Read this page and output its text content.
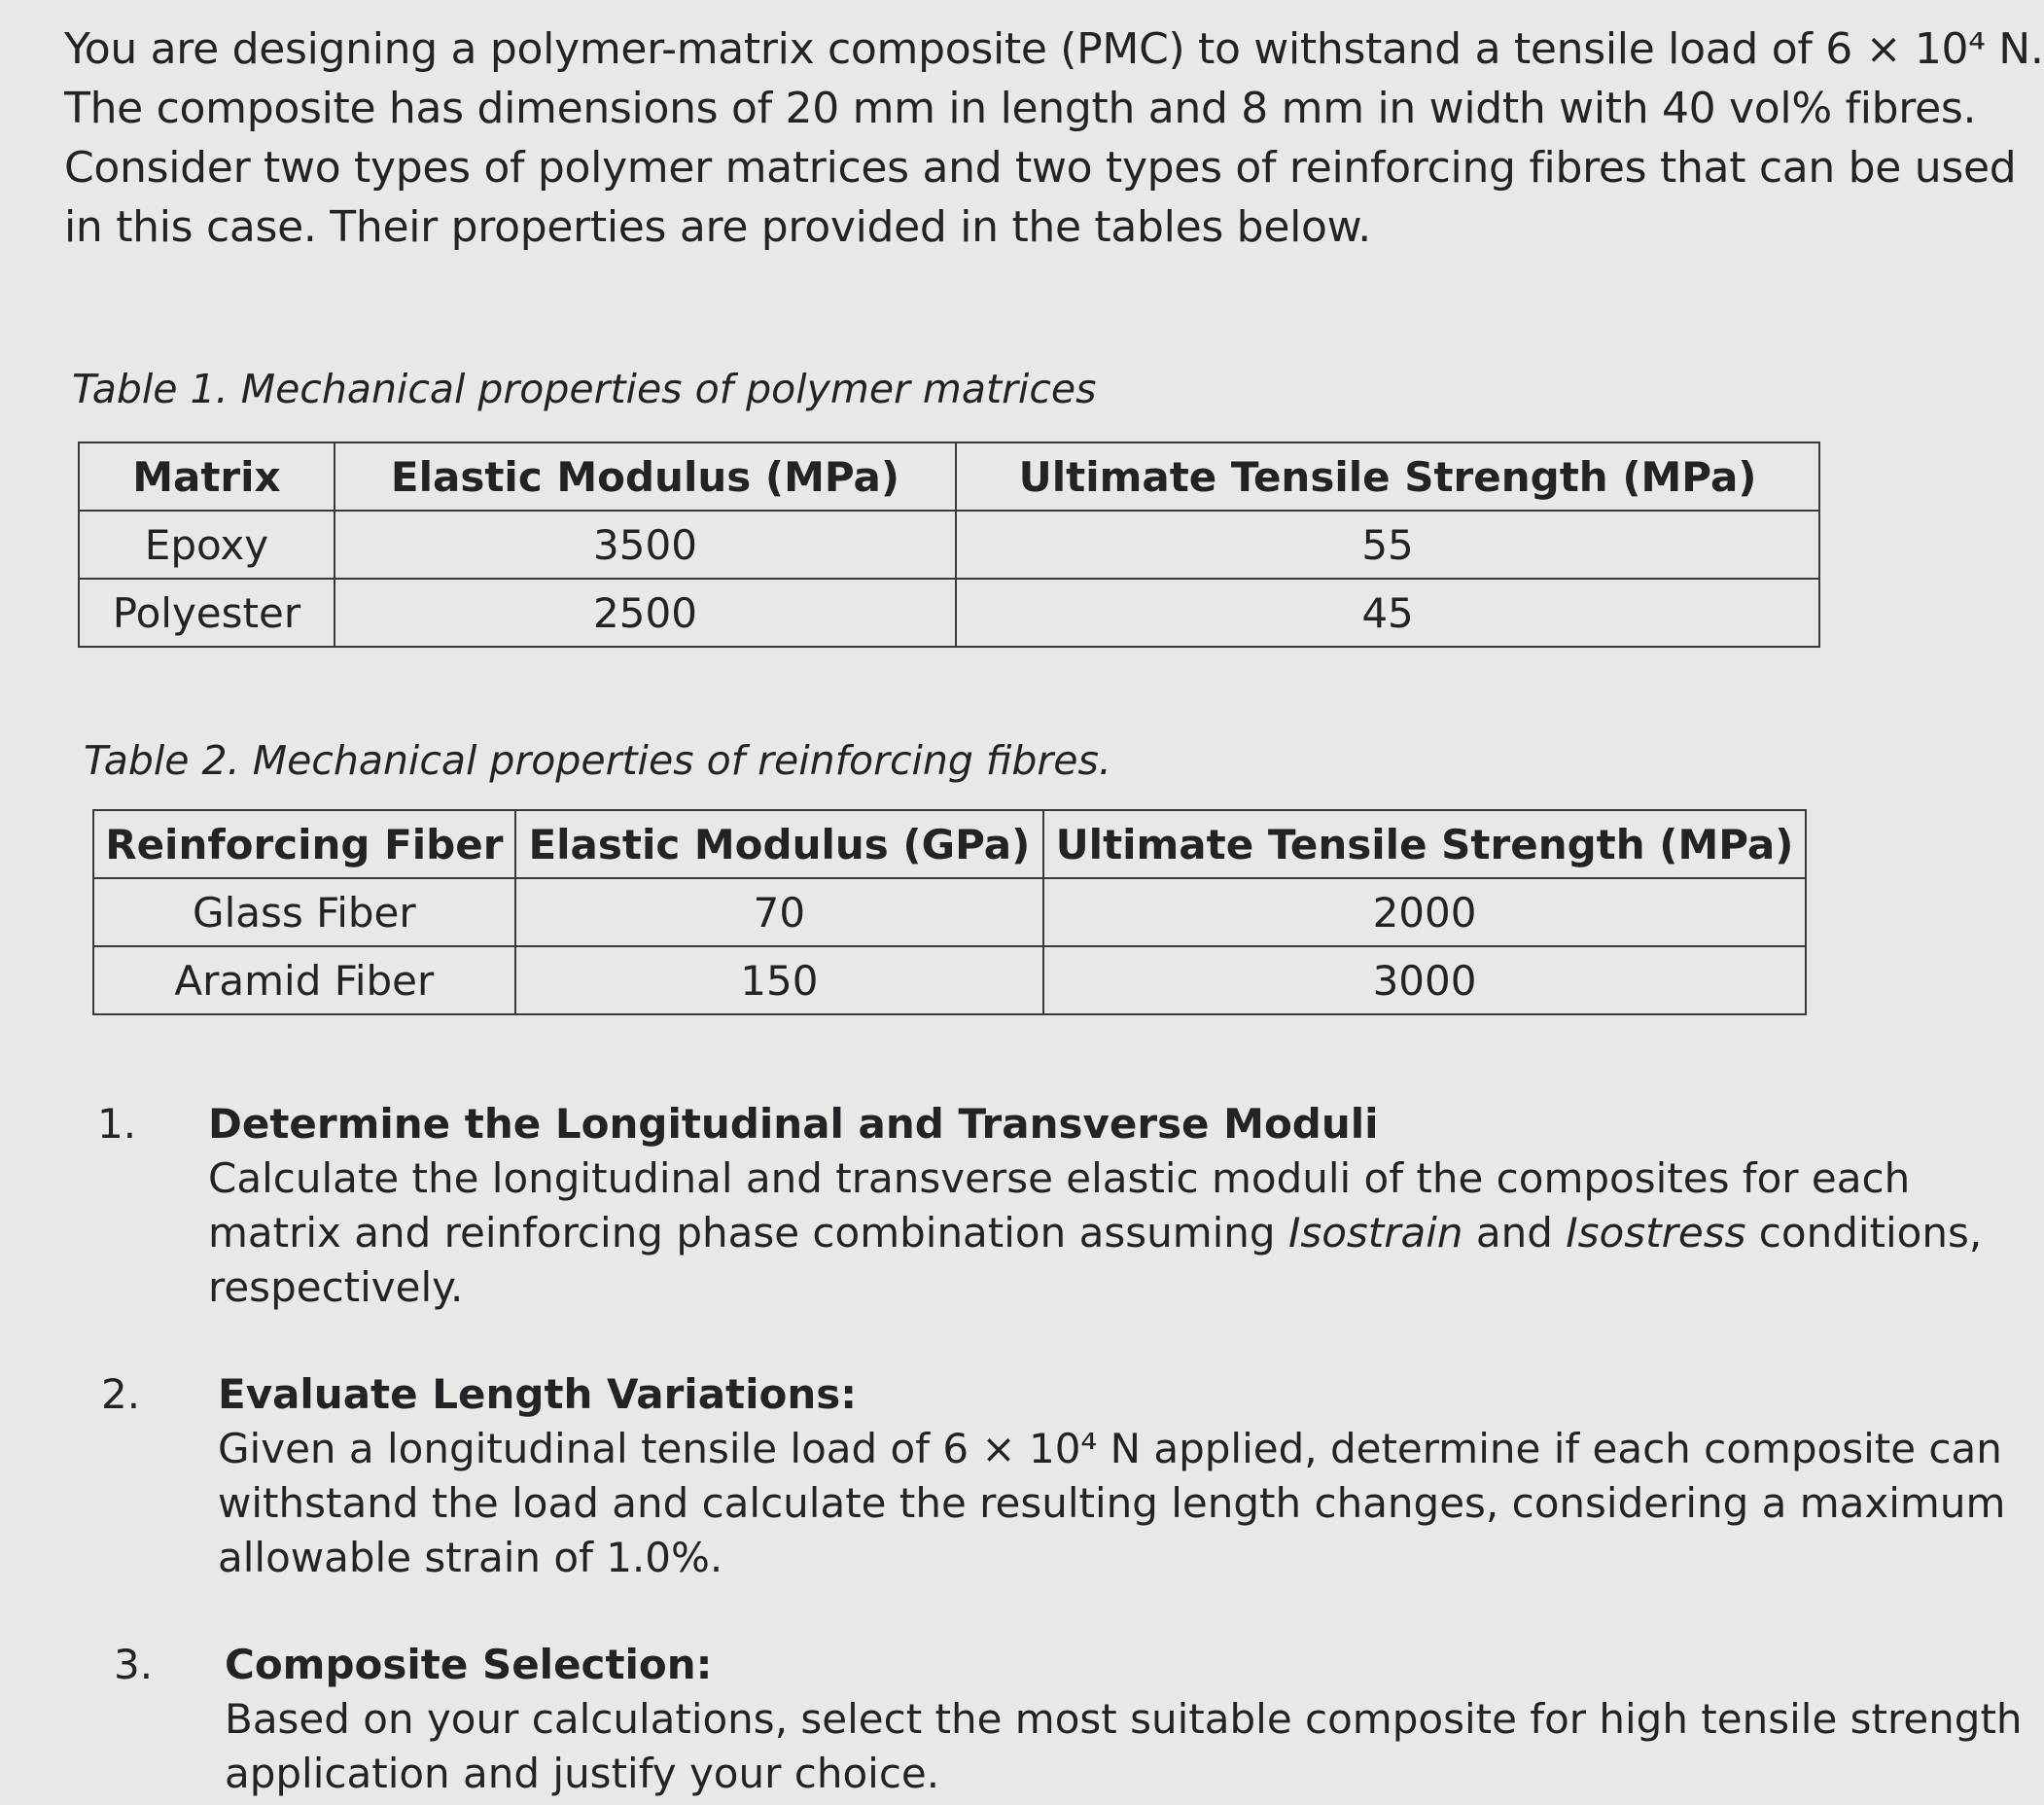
You are designing a polymer-matrix composite (PMC) to withstand a tensile load of 6 × 10⁴ N.
The composite has dimensions of 20 mm in length and 8 mm in width with 40 vol% fibres.
Consider two types of polymer matrices and two types of reinforcing fibres that can be used
in this case. Their properties are provided in the tables below.

Table 1. Mechanical properties of polymer matrices

Matrix	Elastic Modulus (MPa)	Ultimate Tensile Strength (MPa)
Epoxy	3500	55
Polyester	2500	45

Table 2. Mechanical properties of reinforcing fibres.

Reinforcing Fiber	Elastic Modulus (GPa)	Ultimate Tensile Strength (MPa)
Glass Fiber	70	2000
Aramid Fiber	150	3000
1.	Determine the Longitudinal and Transverse Moduli
Calculate the longitudinal and transverse elastic moduli of the composites for each
matrix and reinforcing phase combination assuming Isostrain and Isostress conditions,
respectively.
2.	Evaluate Length Variations:
Given a longitudinal tensile load of 6 × 10⁴ N applied, determine if each composite can
withstand the load and calculate the resulting length changes, considering a maximum
allowable strain of 1.0%.
3.	Composite Selection:
Based on your calculations, select the most suitable composite for high tensile strength
application and justify your choice.
